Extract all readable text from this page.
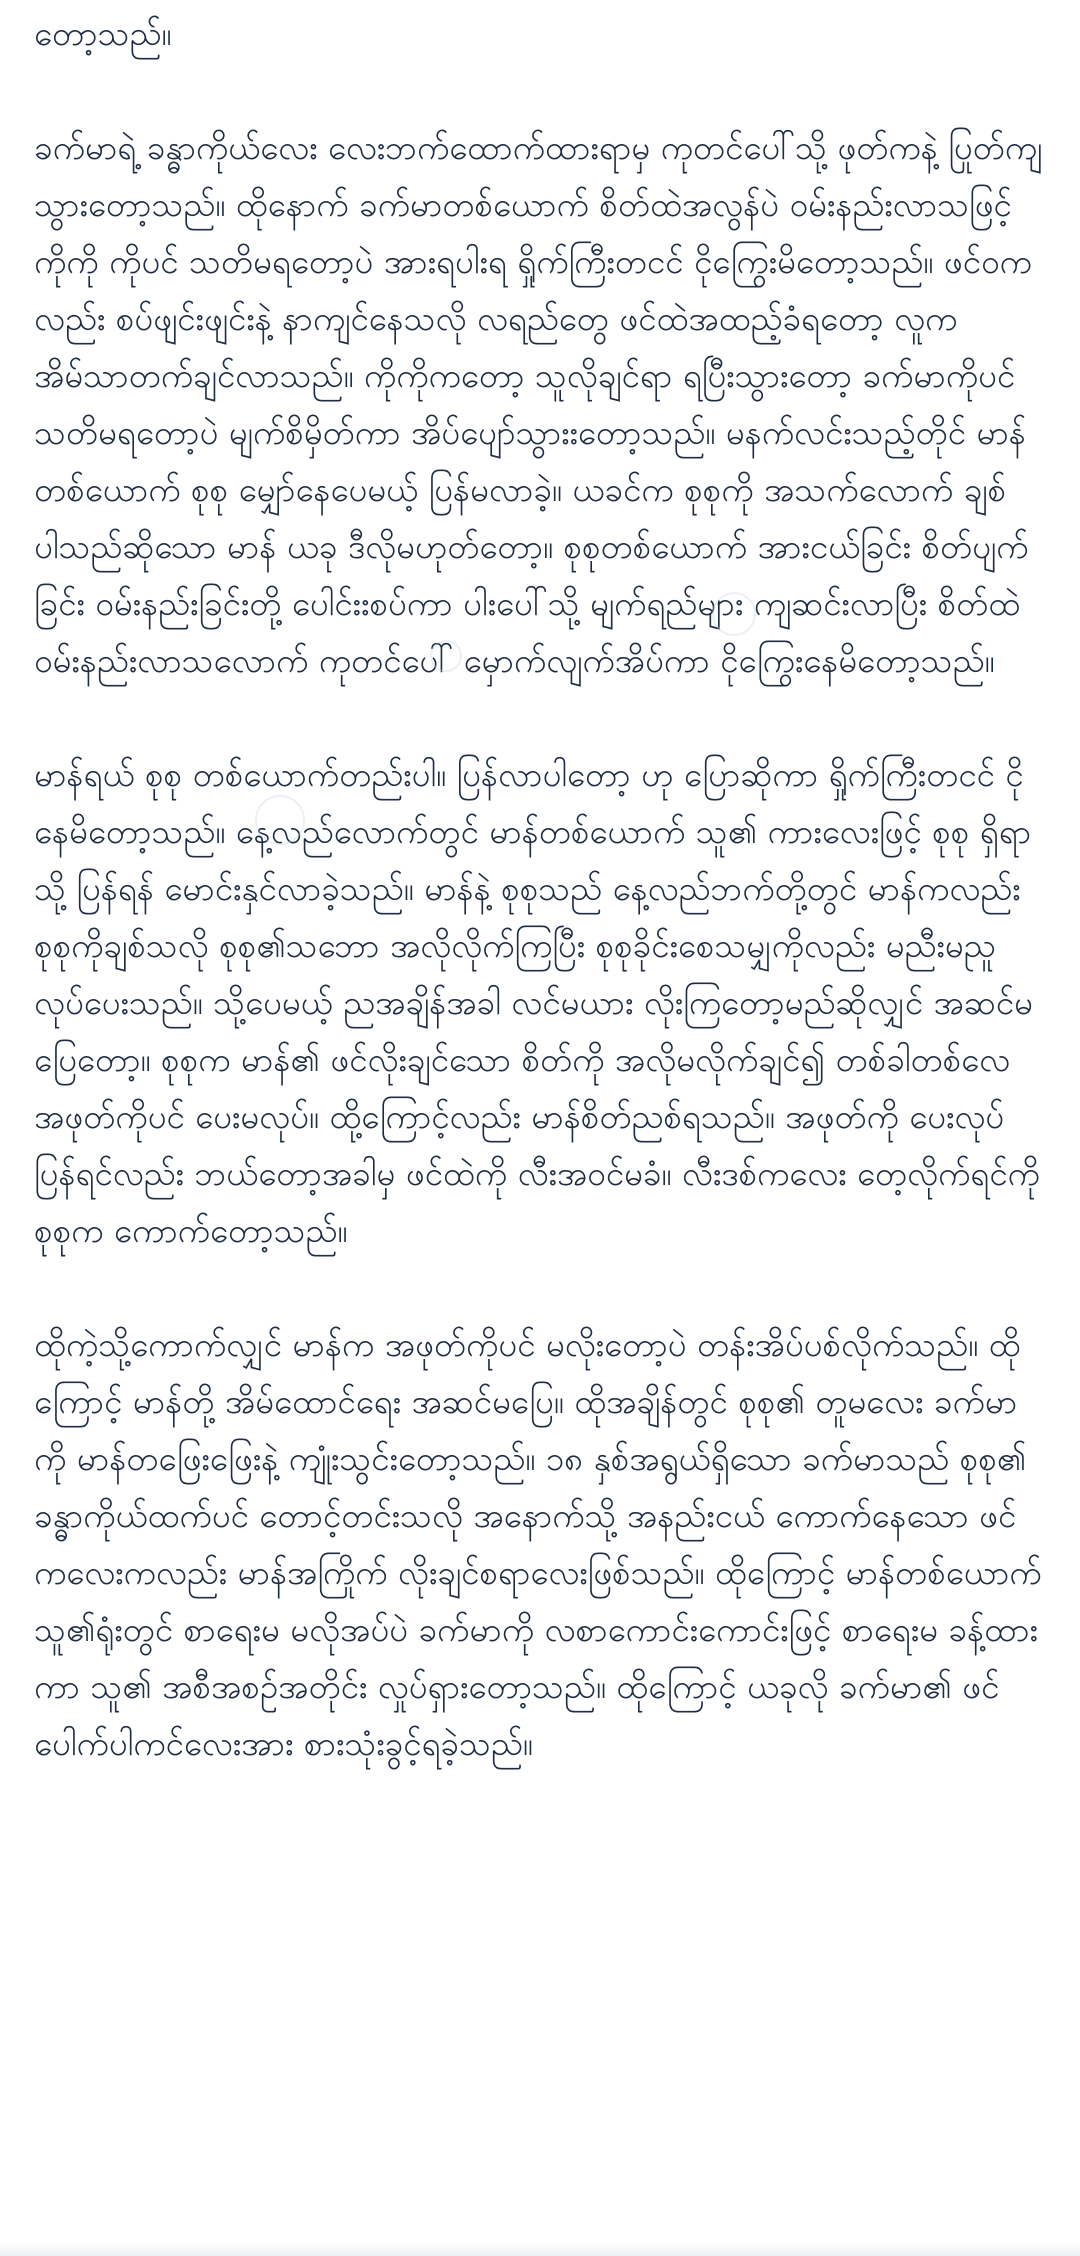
တော့သည်။

ခက်မာရဲ့ ခန္ဓာကိုယ်လေး လေးဘက်ထောက်ထားရာမှ ကုတင်ပေါ်သို့ ဖုတ်ကနဲ့ ပြုတ်ကျသွားတော့သည်။ ထိုနောက် ခက်မာတစ်ယောက် စိတ်ထဲအလွန်ပဲ ဝမ်းနည်းလာသဖြင့် ကိုကို ကိုပင် သတိမရတော့ပဲ အားရပါးရ ရှိုက်ကြီးတငင် ငိုကြွေးမိတော့သည်။ ဖင်ဝကလည်း စပ်ဖျင်းဖျင်းနဲ့ နာကျင်နေသလို လရည်တွေ ဖင်ထဲအထည့်ခံရတော့ လူက အိမ်သာတက်ချင်လာသည်။ ကိုကိုကတော့ သူလိုချင်ရာ ရပြီးသွားတော့ ခက်မာကိုပင် သတိမရတော့ပဲ မျက်စိမှိတ်ကာ အိပ်ပျော်သွားးတော့သည်။ မနက်လင်းသည့်တိုင် မာန်တစ်ယောက် စုစု မျှော်နေပေမယ့် ပြန်မလာခဲ့။ ယခင်က စုစုကို အသက်လောက် ချစ်ပါသည်ဆိုသော မာန် ယခု ဒီလိုမဟုတ်တော့။ စုစုတစ်ယောက် အားငယ်ခြင်း စိတ်ပျက်ခြင်း ဝမ်းနည်းခြင်းတို့ ပေါင်းးစပ်ကာ ပါးပေါ်သို့ မျက်ရည်များ ကျဆင်းလာပြီး စိတ်ထဲ ဝမ်းနည်းလာသလောက် ကုတင်ပေါ် မှောက်လျက်အိပ်ကာ ငိုကြွေးနေမိတော့သည်။

မာန်ရယ် စုစု တစ်ယောက်တည်းပါ။ ပြန်လာပါတော့ ဟု ပြောဆိုကာ ရှိုက်ကြီးတငင် ငိုနေမိတော့သည်။ နေ့လည်လောက်တွင် မာန်တစ်ယောက် သူ၏ ကားလေးဖြင့် စုစု ရှိရာသို့ ပြန်ရန် မောင်းနှင်လာခဲ့သည်။ မာန်နဲ့ စုစုသည် နေ့လည်ဘက်တို့တွင် မာန်ကလည်း စုစုကိုချစ်သလို စုစု၏သဘော အလိုလိုက်ကြပြီး စုစုခိုင်းစေသမျှကိုလည်း မညီးမညူ လုပ်ပေးသည်။ သို့ပေမယ့် ညအချိန်အခါ လင်မယား လိုးကြတော့မည်ဆိုလျှင် အဆင်မပြေတော့။ စုစုက မာန်၏ ဖင်လိုးချင်သော စိတ်ကို အလိုမလိုက်ချင်၍ တစ်ခါတစ်လေ အဖုတ်ကိုပင် ပေးမလုပ်။ ထို့ကြောင့်လည်း မာန်စိတ်ညစ်ရသည်။ အဖုတ်ကို ပေးလုပ်ပြန်ရင်လည်း ဘယ်တော့အခါမှ ဖင်ထဲကို လီးအဝင်မခံ။ လီးဒစ်ကလေး တေ့လိုက်ရင်ကို စုစုက ကောက်တော့သည်။

ထိုကဲ့သို့ကောက်လျှင် မာန်က အဖုတ်ကိုပင် မလိုးတော့ပဲ တန်းအိပ်ပစ်လိုက်သည်။ ထိုကြောင့် မာန်တို့ အိမ်ထောင်ရေး အဆင်မပြေ။ ထိုအချိန်တွင် စုစု၏ တူမလေး ခက်မာကို မာန်တဖြေးဖြေးနဲ့ ကျုံးသွင်းတော့သည်။ ၁၈ နှစ်အရွယ်ရှိသော ခက်မာသည် စုစု၏ ခန္ဓာကိုယ်ထက်ပင် တောင့်တင်းသလို အနောက်သို့ အနည်းငယ် ကောက်နေသော ဖင်ကလေးကလည်း မာန်အကြိုက် လိုးချင်စရာလေးဖြစ်သည်။ ထိုကြောင့် မာန်တစ်ယောက် သူ၏ရုံးတွင် စာရေးမ မလိုအပ်ပဲ ခက်မာကို လစာကောင်းကောင်းဖြင့် စာရေးမ ခန့်ထားကာ သူ၏ အစီအစဉ်အတိုင်း လှုပ်ရှားတော့သည်။ ထိုကြောင့် ယခုလို ခက်မာ၏ ဖင်ပေါက်ပါကင်လေးအား စားသုံးခွင့်ရခဲ့သည်။
